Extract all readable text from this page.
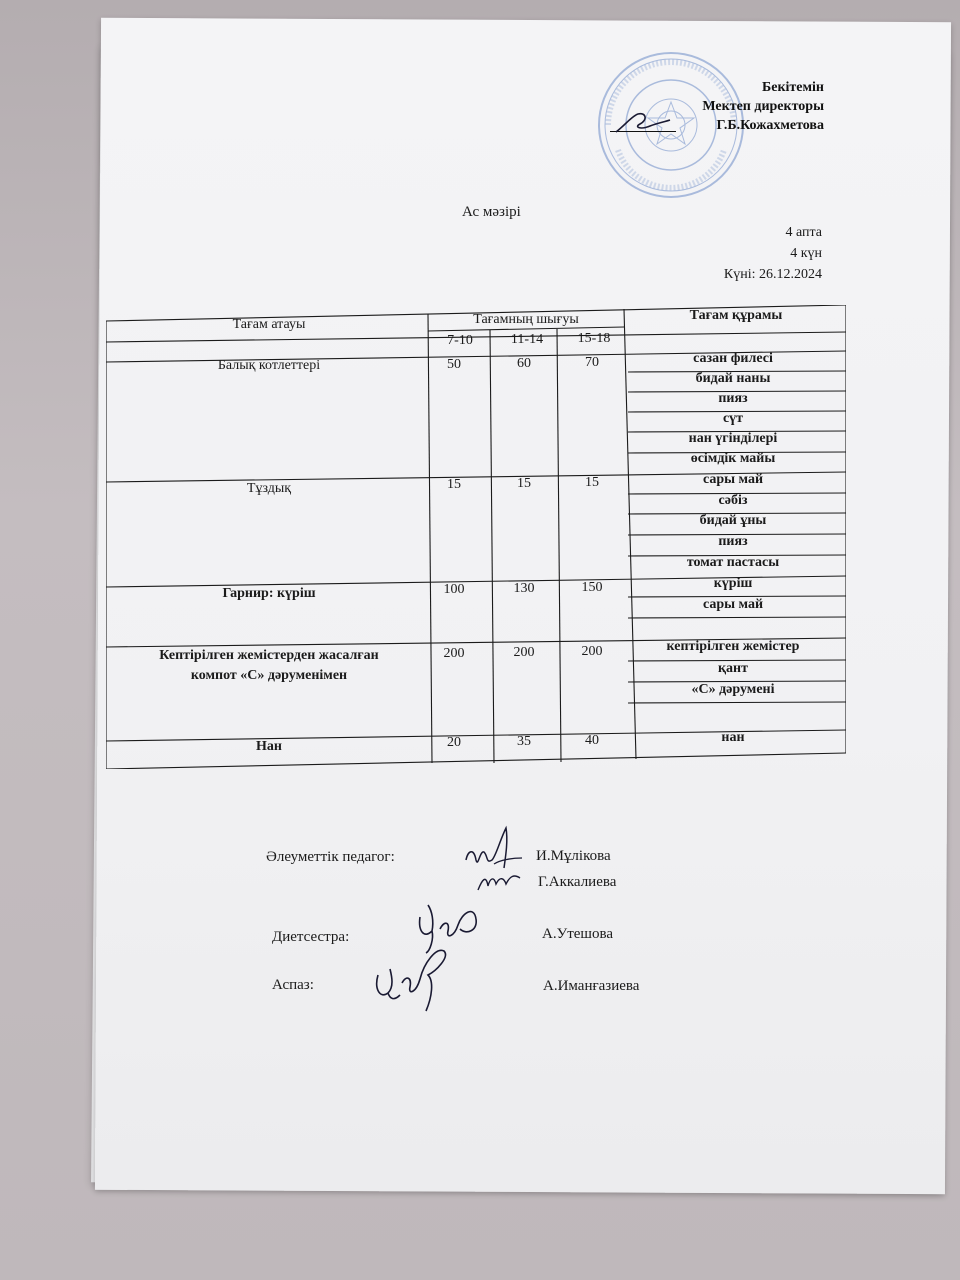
Бекітемін
Мектеп директоры
Г.Б.Кожахметова
Ас мәзірі
4 апта
4 күн
Күні: 26.12.2024
Тағам атауы	Тағамның шығуы	Тағам құрамы
7-10	11-14	15-18
Балық котлеттері	50	60	70	сазан филесі
бидай наны
пияз
сүт
нан үгінділері
өсімдік майы
Тұздық	15	15	15	сары май
сәбіз
бидай ұны
пияз
томат пастасы
Гарнир: күріш	100	130	150	күріш
сары май
Кептірілген жемістерден жасалған
компот «С» дәруменімен
200	200	200	кептірілген жемістер
қант
«С» дәрумені
Нан	20	35	40	нан
Әлеуметтік педагог:	И.Мұлікова
Г.Аккалиева
Диетсестра:	А.Утешова
Аспаз:	А.Иманғазиева
